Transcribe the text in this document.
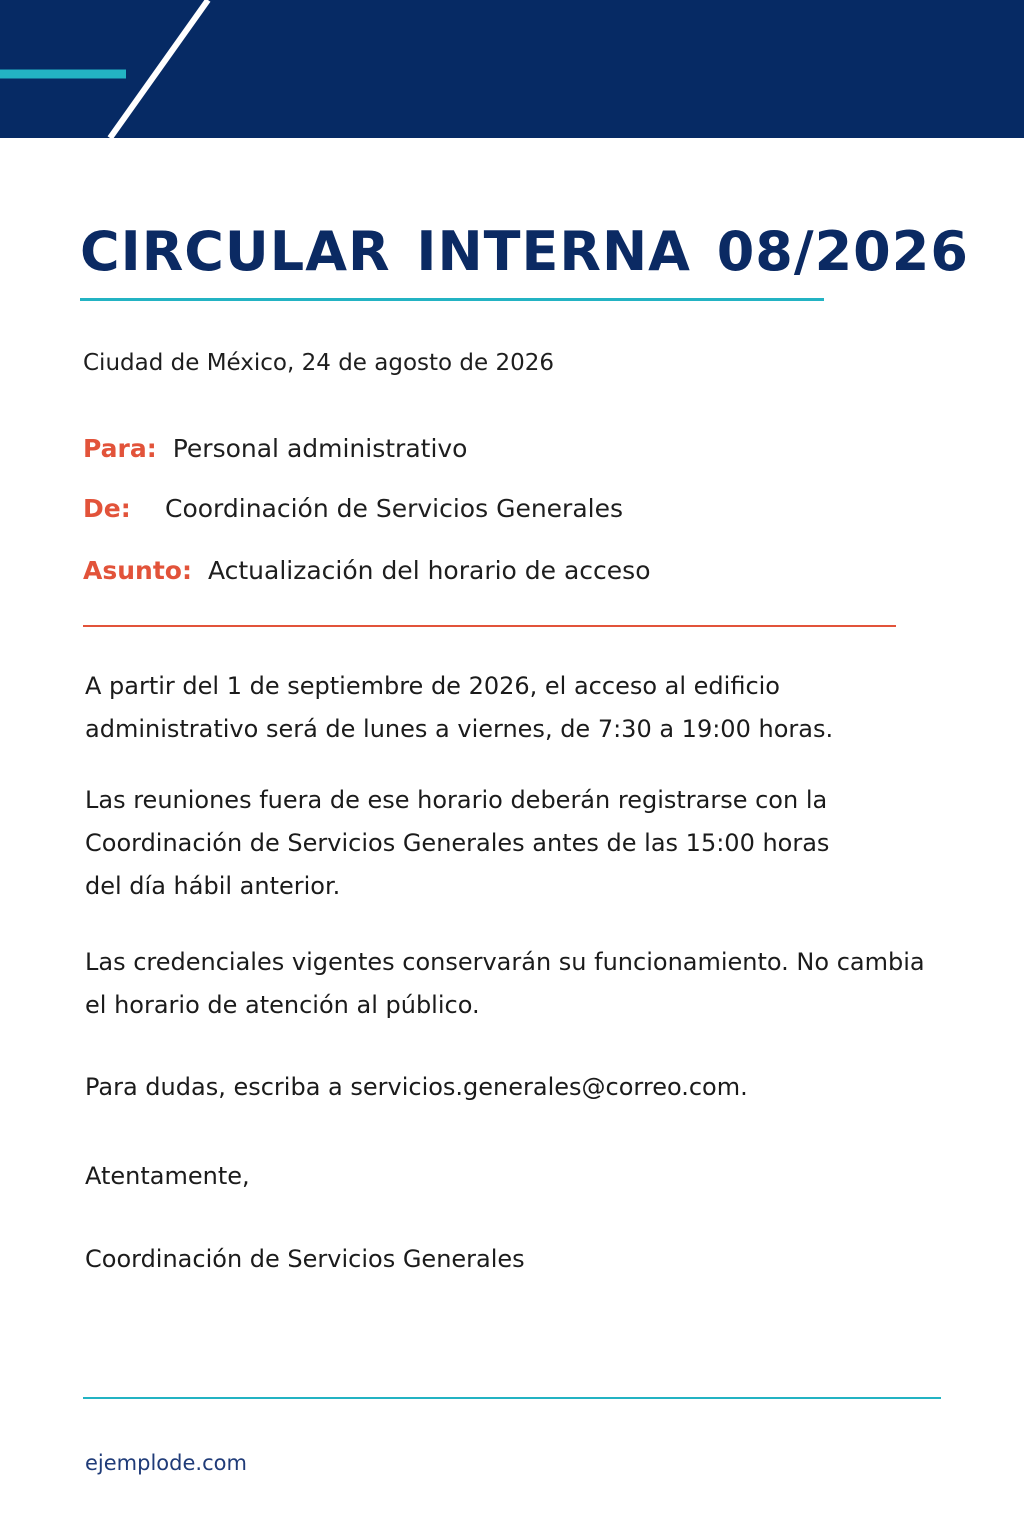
CIRCULAR INTERNA 08/2026

Ciudad de México, 24 de agosto de 2026

Para: Personal administrativo
De: Coordinación de Servicios Generales
Asunto: Actualización del horario de acceso
A partir del 1 de septiembre de 2026, el acceso al edificio
administrativo será de lunes a viernes, de 7:30 a 19:00 horas.
Las reuniones fuera de ese horario deberán registrarse con la
Coordinación de Servicios Generales antes de las 15:00 horas
del día hábil anterior.
Las credenciales vigentes conservarán su funcionamiento. No cambia
el horario de atención al público.
Para dudas, escriba a servicios.generales@correo.com.
Atentamente,
Coordinación de Servicios Generales
ejemplode.com
